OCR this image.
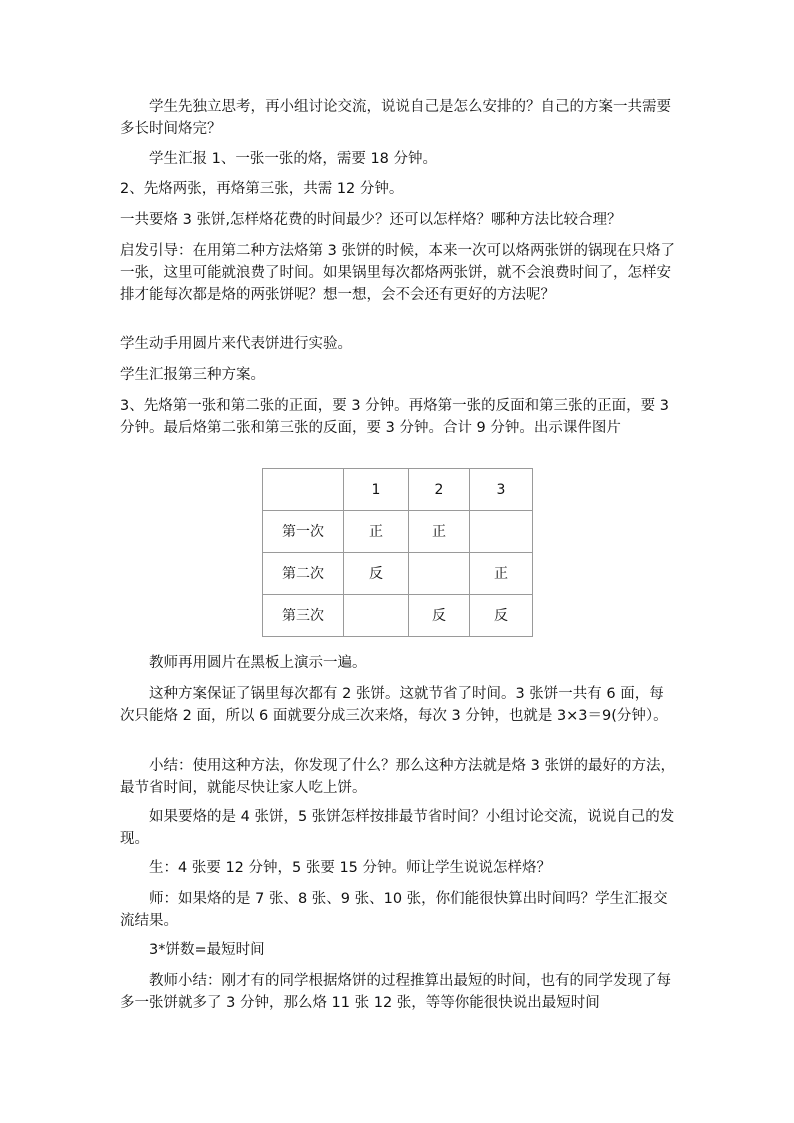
学生先独立思考，再小组讨论交流，说说自己是怎么安排的？自己的方案一共需要多长时间烙完？

学生汇报 1、一张一张的烙，需要 18 分钟。

2、先烙两张，再烙第三张，共需 12 分钟。

一共要烙 3 张饼,怎样烙花费的时间最少？还可以怎样烙？哪种方法比较合理？

启发引导：在用第二种方法烙第 3 张饼的时候，本来一次可以烙两张饼的锅现在只烙了一张，这里可能就浪费了时间。如果锅里每次都烙两张饼，就不会浪费时间了，怎样安排才能每次都是烙的两张饼呢？想一想，会不会还有更好的方法呢？

学生动手用圆片来代表饼进行实验。

学生汇报第三种方案。

3、先烙第一张和第二张的正面，要 3 分钟。再烙第一张的反面和第三张的正面，要 3 分钟。最后烙第二张和第三张的反面，要 3 分钟。合计 9 分钟。出示课件图片

	1	2	3
第一次	正	正	
第二次	反		正
第三次		反	反

教师再用圆片在黑板上演示一遍。

这种方案保证了锅里每次都有 2 张饼。这就节省了时间。3 张饼一共有 6 面，每次只能烙 2 面，所以 6 面就要分成三次来烙，每次 3 分钟，也就是 3×3＝9(分钟）。

小结：使用这种方法，你发现了什么？那么这种方法就是烙 3 张饼的最好的方法，最节省时间，就能尽快让家人吃上饼。

如果要烙的是 4 张饼，5 张饼怎样按排最节省时间？小组讨论交流，说说自己的发现。

生：4 张要 12 分钟，5 张要 15 分钟。师让学生说说怎样烙？

师：如果烙的是 7 张、8 张、9 张、10 张，你们能很快算出时间吗？学生汇报交流结果。

3*饼数=最短时间

教师小结：刚才有的同学根据烙饼的过程推算出最短的时间，也有的同学发现了每多一张饼就多了 3 分钟，那么烙 11 张 12 张，等等你能很快说出最短时间
